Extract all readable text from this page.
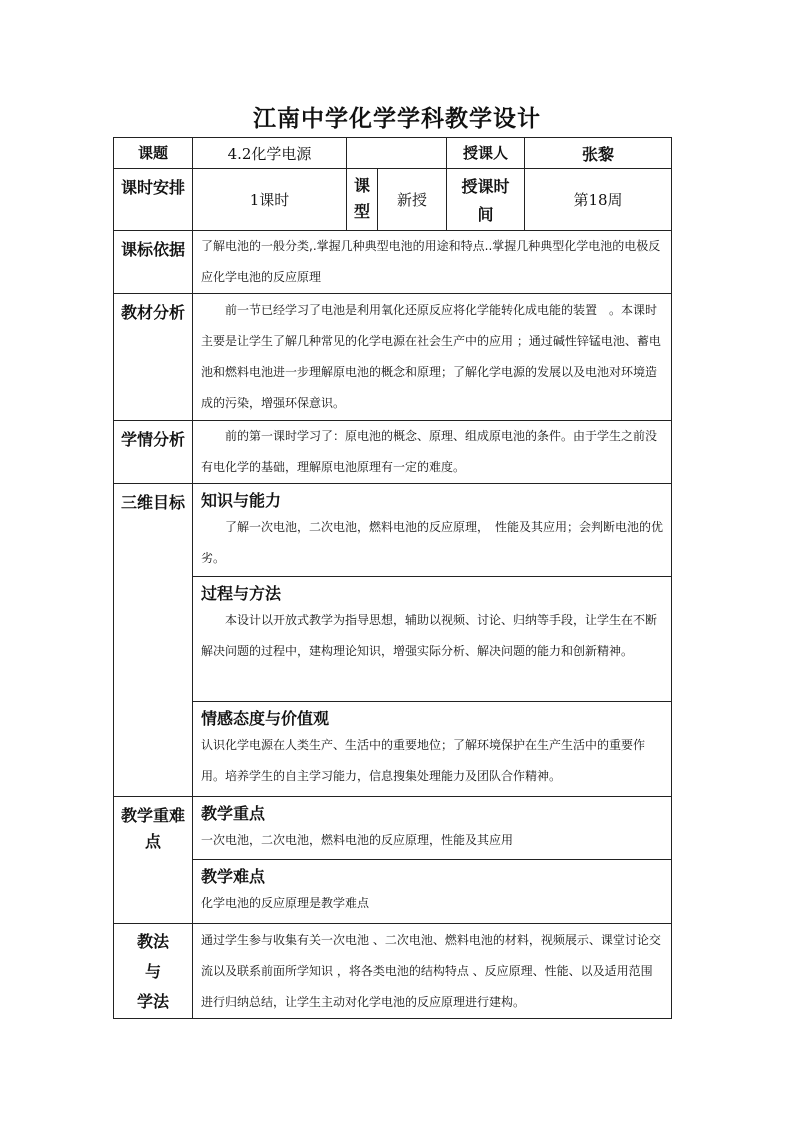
江南中学化学学科教学设计
课题	4.2化学电源			授课人	张黎
课时安排	1课时	课型	新授	授课时间	第18周
课标依据	了解电池的一般分类,.掌握几种典型电池的用途和特点..掌握几种典型化学电池的电极反应化学电池的反应原理				
教材分析	前一节已经学习了电池是利用氧化还原反应将化学能转化成电能的装置　。本课时主要是让学生了解几种常见的化学电源在社会生产中的应用 ；通过碱性锌锰电池、蓄电池和燃料电池进一步理解原电池的概念和原理；了解化学电源的发展以及电池对环境造成的污染，增强环保意识。				
学情分析	前的第一课时学习了：原电池的概念、原理、组成原电池的条件。由于学生之前没有电化学的基础，理解原电池原理有一定的难度。				
三维目标	知识与能力
了解一次电池，二次电池，燃料电池的反应原理，　性能及其应用；会判断电池的优劣。				

	过程与方法
本设计以开放式教学为指导思想，辅助以视频、讨论、归纳等手段，让学生在不断解决问题的过程中，建构理论知识，增强实际分析、解决问题的能力和创新精神。				

	情感态度与价值观
认识化学电源在人类生产、生活中的重要地位；了解环境保护在生产生活中的重要作用。培养学生的自主学习能力，信息搜集处理能力及团队合作精神。				

教学重难点	教学重点
一次电池，二次电池，燃料电池的反应原理，性能及其应用				

	教学难点
化学电池的反应原理是教学难点				

教法
与
学法	通过学生参与收集有关一次电池 、二次电池、燃料电池的材料，视频展示、课堂讨论交流以及联系前面所学知识 ，将各类电池的结构特点 、反应原理、性能、以及适用范围进行归纳总结，让学生主动对化学电池的反应原理进行建构。				
